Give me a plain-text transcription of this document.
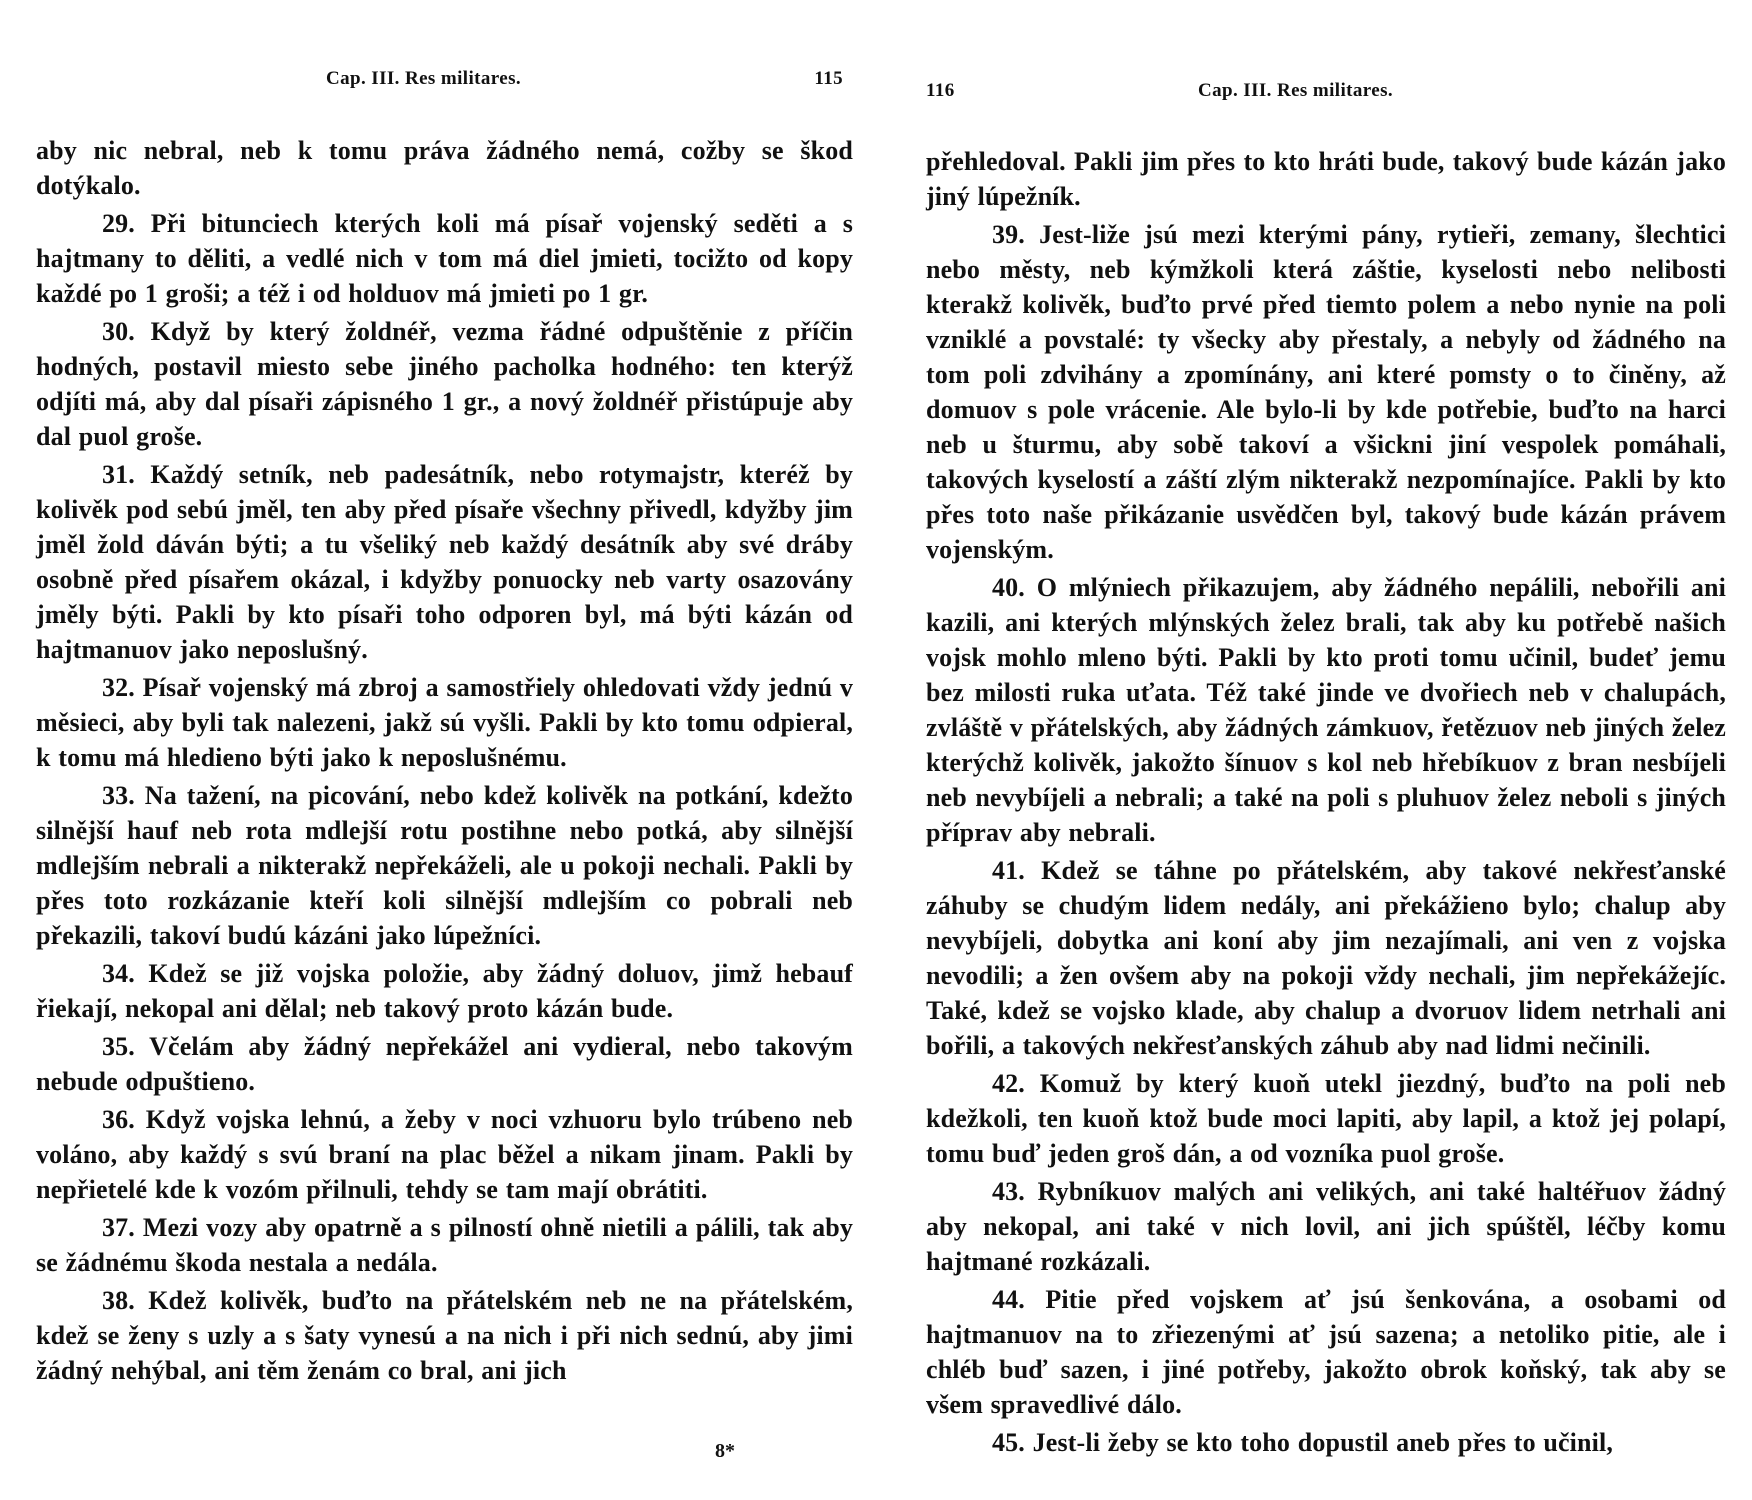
Cap. III. Res militares.	115

aby nic nebral, neb k tomu práva žádného nemá, cožby se škod dotýkalo.

29. Při bitunciech kterých koli má písař vojenský seděti a s hajtmany to děliti, a vedlé nich v tom má diel jmieti, tocižto od kopy každé po 1 groši; a též i od holduov má jmieti po 1 gr.

30. Když by který žoldnéř, vezma řádné odpuštěnie z příčin hodných, postavil miesto sebe jiného pacholka hodného: ten kterýž odjíti má, aby dal písaři zápisného 1 gr., a nový žoldnéř přistúpuje aby dal puol groše.

31. Každý setník, neb padesátník, nebo rotymajstr, kteréž by kolivěk pod sebú jměl, ten aby před písaře všechny přivedl, kdyžby jim jměl žold dáván býti; a tu všeliký neb každý desátník aby své dráby osobně před písařem okázal, i kdyžby ponuocky neb varty osazovány jměly býti. Pakli by kto písaři toho odporen byl, má býti kázán od hajtmanuov jako neposlušný.

32. Písař vojenský má zbroj a samostřiely ohledovati vždy jednú v měsieci, aby byli tak nalezeni, jakž sú vyšli. Pakli by kto tomu odpieral, k tomu má hledieno býti jako k neposlušnému.

33. Na tažení, na picování, nebo kdež kolivěk na potkání, kdežto silnější hauf neb rota mdlejší rotu postihne nebo potká, aby silnější mdlejším nebrali a nikterakž nepřekáželi, ale u pokoji nechali. Pakli by přes toto rozkázanie kteří koli silnější mdlejším co pobrali neb překazili, takoví budú kázáni jako lúpežníci.

34. Kdež se již vojska položie, aby žádný doluov, jimž hebauf řiekají, nekopal ani dělal; neb takový proto kázán bude.

35. Včelám aby žádný nepřekážel ani vydieral, nebo takovým nebude odpuštieno.

36. Když vojska lehnú, a žeby v noci vzhuoru bylo trúbeno neb voláno, aby každý s svú braní na plac běžel a nikam jinam. Pakli by nepřietelé kde k vozóm přilnuli, tehdy se tam mají obrátiti.

37. Mezi vozy aby opatrně a s pilností ohně nietili a pálili, tak aby se žádnému škoda nestala a nedála.

38. Kdež kolivěk, buďto na přátelském neb ne na přátelském, kdež se ženy s uzly a s šaty vynesú a na nich i při nich sednú, aby jimi žádný nehýbal, ani těm ženám co bral, ani jich

8*
116	Cap. III. Res militares.

přehledoval. Pakli jim přes to kto hráti bude, takový bude kázán jako jiný lúpežník.

39. Jest-liže jsú mezi kterými pány, rytieři, zemany, šlechtici nebo městy, neb kýmžkoli která záštie, kyselosti nebo nelibosti kterakž kolivěk, buďto prvé před tiemto polem a nebo nynie na poli vzniklé a povstalé: ty všecky aby přestaly, a nebyly od žádného na tom poli zdvihány a zpomínány, ani které pomsty o to činěny, až domuov s pole vrácenie. Ale bylo-li by kde potřebie, buďto na harci neb u šturmu, aby sobě takoví a všickni jiní vespolek pomáhali, takových kyselostí a záští zlým nikterakž nezpomínajíce. Pakli by kto přes toto naše přikázanie usvědčen byl, takový bude kázán právem vojenským.

40. O mlýniech přikazujem, aby žádného nepálili, nebořili ani kazili, ani kterých mlýnských želez brali, tak aby ku potřebě našich vojsk mohlo mleno býti. Pakli by kto proti tomu učinil, budeť jemu bez milosti ruka uťata. Též také jinde ve dvořiech neb v chalupách, zvláště v přátelských, aby žádných zámkuov, řetězuov neb jiných želez kterýchž kolivěk, jakožto šínuov s kol neb hřebíkuov z bran nesbíjeli neb nevybíjeli a nebrali; a také na poli s pluhuov želez neboli s jiných příprav aby nebrali.

41. Kdež se táhne po přátelském, aby takové nekřesťanské záhuby se chudým lidem nedály, ani překážieno bylo; chalup aby nevybíjeli, dobytka ani koní aby jim nezajímali, ani ven z vojska nevodili; a žen ovšem aby na pokoji vždy nechali, jim nepřekážejíc. Také, kdež se vojsko klade, aby chalup a dvoruov lidem netrhali ani bořili, a takových nekřesťanských záhub aby nad lidmi nečinili.

42. Komuž by který kuoň utekl jiezdný, buďto na poli neb kdežkoli, ten kuoň ktož bude moci lapiti, aby lapil, a ktož jej polapí, tomu buď jeden groš dán, a od vozníka puol groše.

43. Rybníkuov malých ani velikých, ani také haltéřuov žádný aby nekopal, ani také v nich lovil, ani jich spúštěl, léčby komu hajtmané rozkázali.

44. Pitie před vojskem ať jsú šenkována, a osobami od hajtmanuov na to zřiezenými ať jsú sazena; a netoliko pitie, ale i chléb buď sazen, i jiné potřeby, jakožto obrok koňský, tak aby se všem spravedlivé dálo.

45. Jest-li žeby se kto toho dopustil aneb přes to učinil,
